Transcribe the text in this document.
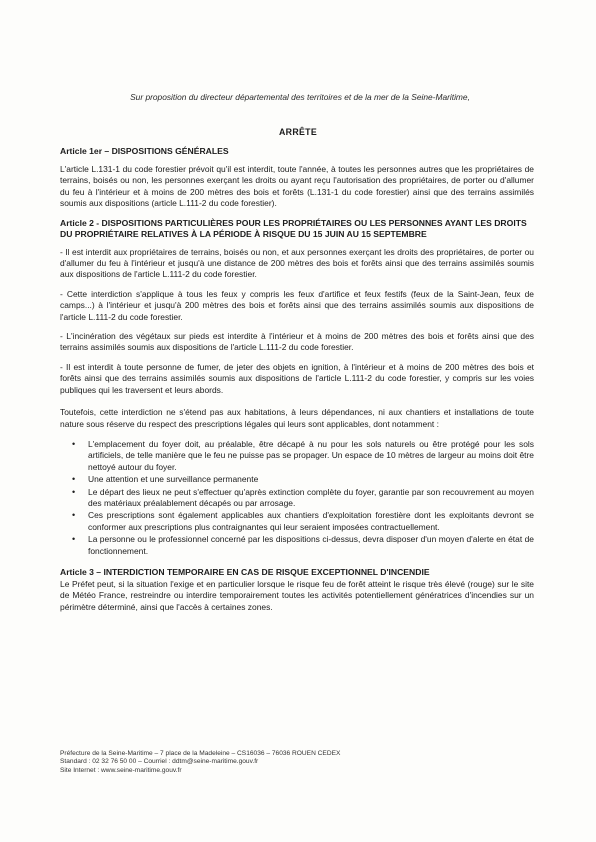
Sur proposition du directeur départemental des territoires et de la mer de la Seine-Maritime,
ARRÊTE
Article 1er – DISPOSITIONS GÉNÉRALES

L'article L.131-1 du code forestier prévoit qu'il est interdit, toute l'année, à toutes les personnes autres que les propriétaires de terrains, boisés ou non, les personnes exerçant les droits ou ayant reçu l'autorisation des propriétaires, de porter ou d'allumer du feu à l'intérieur et à moins de 200 mètres des bois et forêts (L.131-1 du code forestier) ainsi que des terrains assimilés soumis aux dispositions (article L.111-2 du code forestier).

Article 2 - DISPOSITIONS PARTICULIÈRES POUR LES PROPRIÉTAIRES OU LES PERSONNES AYANT LES DROITS DU PROPRIÉTAIRE RELATIVES À LA PÉRIODE À RISQUE DU 15 JUIN AU 15 SEPTEMBRE

- Il est interdit aux propriétaires de terrains, boisés ou non, et aux personnes exerçant les droits des propriétaires, de porter ou d'allumer du feu à l'intérieur et jusqu'à une distance de 200 mètres des bois et forêts ainsi que des terrains assimilés soumis aux dispositions de l'article L.111-2 du code forestier.

- Cette interdiction s'applique à tous les feux y compris les feux d'artifice et feux festifs (feux de la Saint-Jean, feux de camps...) à l'intérieur et jusqu'à 200 mètres des bois et forêts ainsi que des terrains assimilés soumis aux dispositions de l'article L.111-2 du code forestier.

- L'incinération des végétaux sur pieds est interdite à l'intérieur et à moins de 200 mètres des bois et forêts ainsi que des terrains assimilés soumis aux dispositions de l'article L.111-2 du code forestier.

- Il est interdit à toute personne de fumer, de jeter des objets en ignition, à l'intérieur et à moins de 200 mètres des bois et forêts ainsi que des terrains assimilés soumis aux dispositions de l'article L.111-2 du code forestier, y compris sur les voies publiques qui les traversent et leurs abords.

Toutefois, cette interdiction ne s'étend pas aux habitations, à leurs dépendances, ni aux chantiers et installations de toute nature sous réserve du respect des prescriptions légales qui leurs sont applicables, dont notamment :

• L'emplacement du foyer doit, au préalable, être décapé à nu pour les sols naturels ou être protégé pour les sols artificiels, de telle manière que le feu ne puisse pas se propager. Un espace de 10 mètres de largeur au moins doit être nettoyé autour du foyer.
• Une attention et une surveillance permanente
• Le départ des lieux ne peut s'effectuer qu'après extinction complète du foyer, garantie par son recouvrement au moyen des matériaux préalablement décapés ou par arrosage.
• Ces prescriptions sont également applicables aux chantiers d'exploitation forestière dont les exploitants devront se conformer aux prescriptions plus contraignantes qui leur seraient imposées contractuellement.
• La personne ou le professionnel concerné par les dispositions ci-dessus, devra disposer d'un moyen d'alerte en état de fonctionnement.
Article 3 – INTERDICTION TEMPORAIRE EN CAS DE RISQUE EXCEPTIONNEL D'INCENDIE

Le Préfet peut, si la situation l'exige et en particulier lorsque le risque feu de forêt atteint le risque très élevé (rouge) sur le site de Météo France, restreindre ou interdire temporairement toutes les activités potentiellement génératrices d'incendies sur un périmètre déterminé, ainsi que l'accès à certaines zones.

Préfecture de la Seine-Maritime – 7 place de la Madeleine – CS16036 – 76036 ROUEN CEDEX
Standard : 02 32 76 50 00 – Courriel : ddtm@seine-maritime.gouv.fr
Site Internet : www.seine-maritime.gouv.fr
